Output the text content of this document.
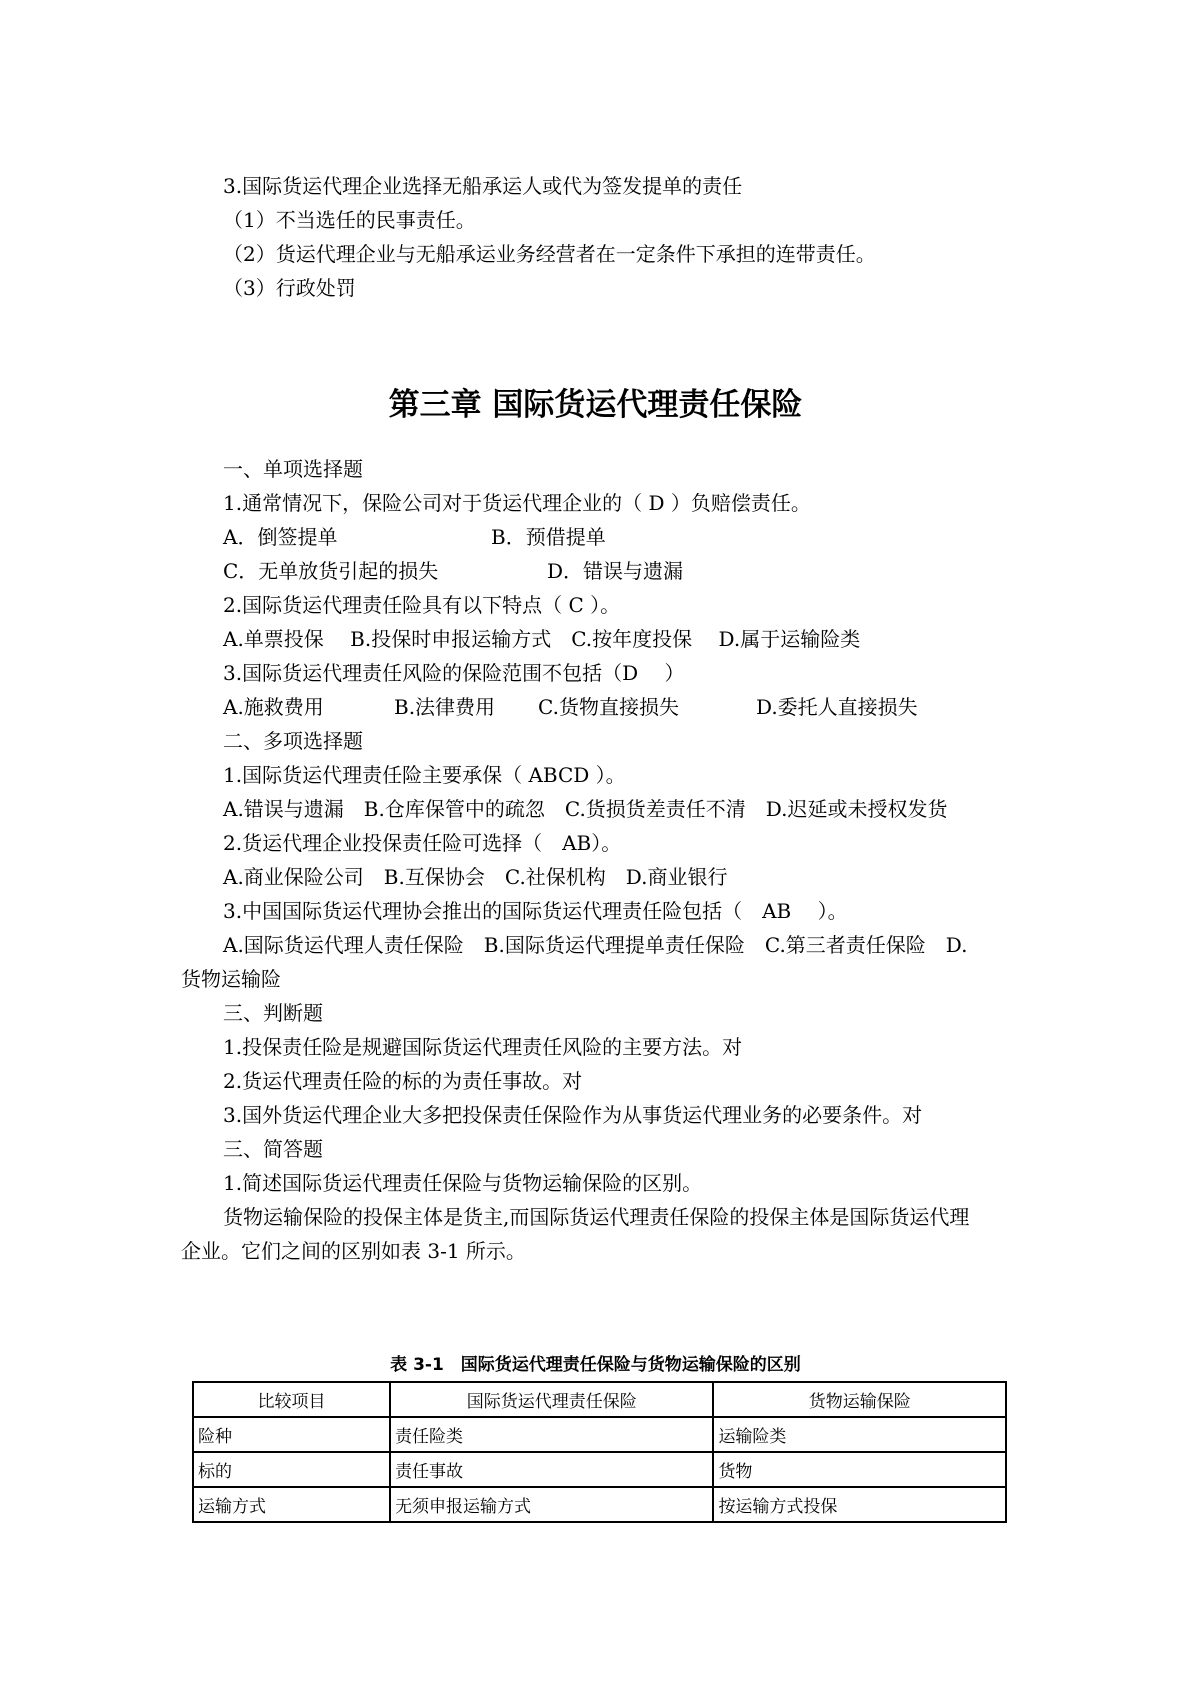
3.国际货运代理企业选择无船承运人或代为签发提单的责任

（1）不当选任的民事责任。

（2）货运代理企业与无船承运业务经营者在一定条件下承担的连带责任。

（3）行政处罚

第三章 国际货运代理责任保险

一、单项选择题

1.通常情况下，保险公司对于货运代理企业的（ D ）负赔偿责任。

A．倒签提单	B．预借提单

C．无单放货引起的损失	D．错误与遗漏

2.国际货运代理责任险具有以下特点（ C ）。

A.单票投保　 B.投保时申报运输方式　C.按年度投保　 D.属于运输险类

3.国际货运代理责任风险的保险范围不包括（D　 ）

A.施救费用	B.法律费用 C.货物直接损失	D.委托人直接损失

二、多项选择题

1.国际货运代理责任险主要承保（ ABCD ）。

A.错误与遗漏　B.仓库保管中的疏忽　C.货损货差责任不清　D.迟延或未授权发货

2.货运代理企业投保责任险可选择（　AB）。

A.商业保险公司　B.互保协会　C.社保机构　D.商业银行

3.中国国际货运代理协会推出的国际货运代理责任险包括（　AB　 ）。

A.国际货运代理人责任保险　B.国际货运代理提单责任保险　C.第三者责任保险　D.

货物运输险

三、判断题

1.投保责任险是规避国际货运代理责任风险的主要方法。对

2.货运代理责任险的标的为责任事故。对

3.国外货运代理企业大多把投保责任保险作为从事货运代理业务的必要条件。对

三、简答题

1.简述国际货运代理责任保险与货物运输保险的区别。

货物运输保险的投保主体是货主,而国际货运代理责任保险的投保主体是国际货运代理

企业。它们之间的区别如表 3-1 所示。

表 3-1　国际货运代理责任保险与货物运输保险的区别

比较项目	国际货运代理责任保险	货物运输保险
险种	责任险类	运输险类
标的	责任事故	货物
运输方式	无须申报运输方式	按运输方式投保
